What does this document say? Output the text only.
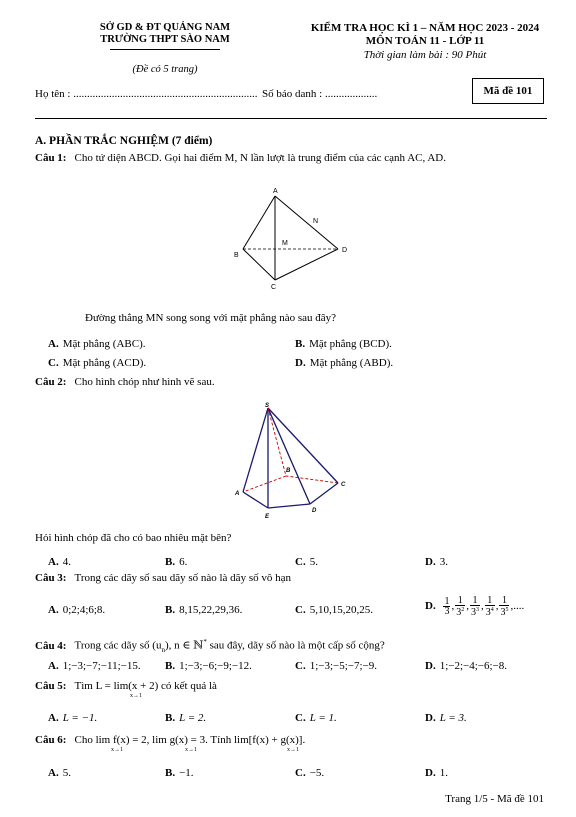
SỞ GD & ĐT QUẢNG NAM
TRƯỜNG THPT SÀO NAM
(Đề có 5 trang)
KIỂM TRA HỌC KÌ 1 – NĂM HỌC 2023 - 2024
MÔN TOÁN 11 - LỚP 11
Thời gian làm bài : 90 Phút
Họ tên : ................................................................... Số báo danh : ...................	Mã đề 101
A. PHẦN TRẮC NGHIỆM (7 điểm)
Câu 1: Cho tứ diện ABCD. Gọi hai điểm M, N lần lượt là trung điểm của các cạnh AC, AD.
A
B
C
D
M
N
Đường thẳng MN song song với mặt phẳng nào sau đây?
A. Mặt phẳng (ABC).	B. Mặt phẳng (BCD).
C. Mặt phẳng (ACD).	D. Mặt phẳng (ABD).
Câu 2: Cho hình chóp như hình vẽ sau.
S
A
B
C
D
E
Hỏi hình chóp đã cho có bao nhiêu mặt bên?
A. 4.	B. 6.	C. 5.	D. 3.
Câu 3: Trong các dãy số sau dãy số nào là dãy số vô hạn
A. 0;2;4;6;8.	B. 8,15,22,29,36.	C. 5,10,15,20,25.	D. $\frac{1}{3}$ , $\frac{1}{3^2}$ , $\frac{1}{3^3}$ , $\frac{1}{3^4}$ , $\frac{1}{3^5}$ ,....
Câu 4: Trong các dãy số $(u_n)$, n ∈ ℕ* sau đây, dãy số nào là một cấp số cộng?
A. 1;−3;−7;−11;−15. B. 1;−3;−6;−9;−12.	C. 1;−3;−5;−7;−9.	D. 1;−2;−4;−6;−8.
Câu 5: Tìm L = lim(x + 2) có kết quả là
x→1
A. L = −1.	B. L = 2.	C. L = 1.	D. L = 3.
Câu 6: Cho lim f(x) = 2, lim g(x) = 3. Tính lim[f(x) + g(x)].
x→1	x→1	x→1
A. 5.	B. −1.	C. −5.	D. 1.
Trang 1/5 - Mã đề 101
